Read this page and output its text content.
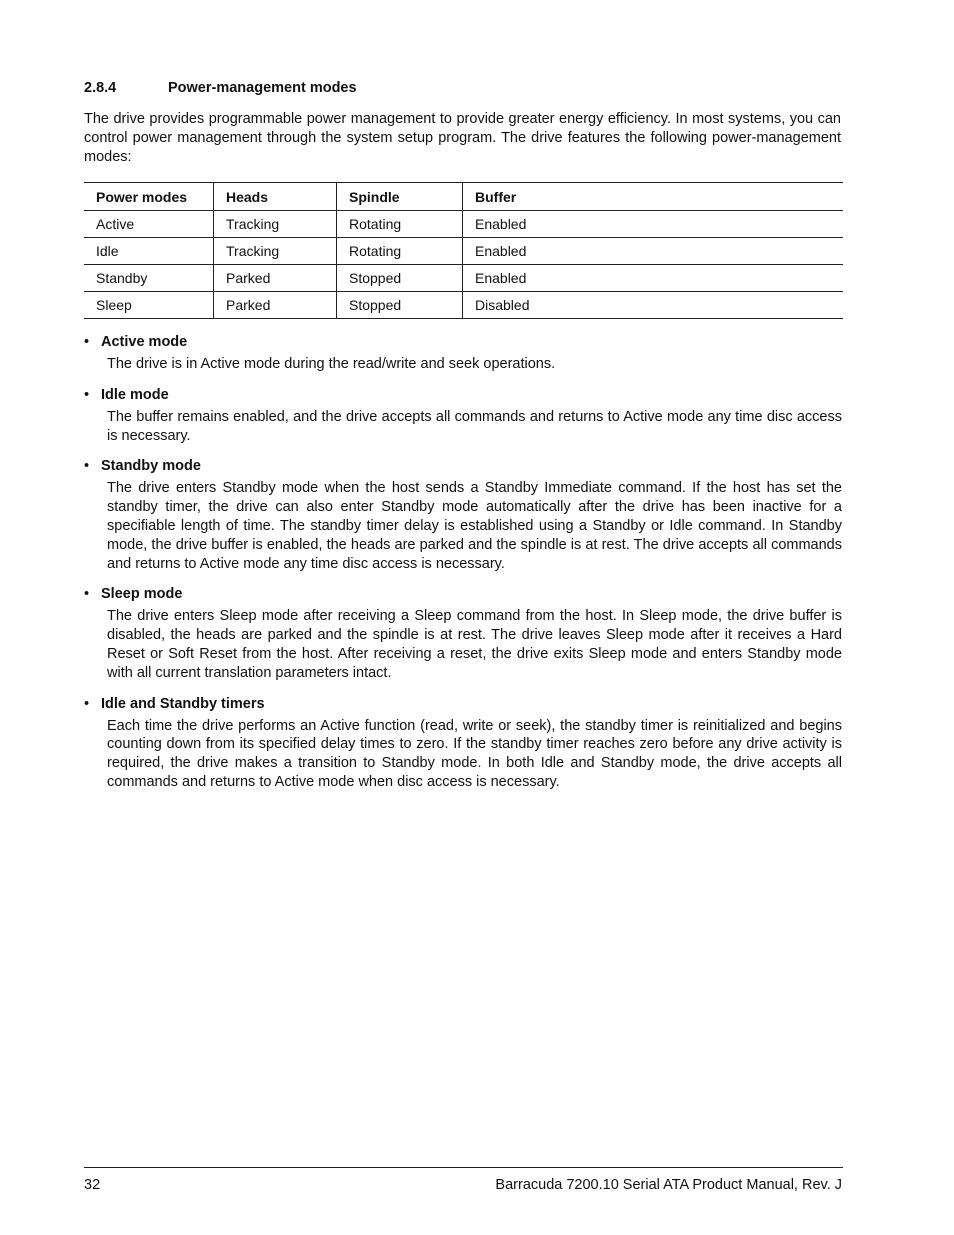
2.8.4	Power-management modes

The drive provides programmable power management to provide greater energy efficiency. In most systems, you can control power management through the system setup program. The drive features the following power-management modes:

Power modes	Heads	Spindle	Buffer
Active	Tracking	Rotating	Enabled
Idle	Tracking	Rotating	Enabled
Standby	Parked	Stopped	Enabled
Sleep	Parked	Stopped	Disabled
• Active mode
The drive is in Active mode during the read/write and seek operations.
• Idle mode
The buffer remains enabled, and the drive accepts all commands and returns to Active mode any time disc access is necessary.
• Standby mode
The drive enters Standby mode when the host sends a Standby Immediate command. If the host has set the standby timer, the drive can also enter Standby mode automatically after the drive has been inactive for a specifiable length of time. The standby timer delay is established using a Standby or Idle command. In Standby mode, the drive buffer is enabled, the heads are parked and the spindle is at rest. The drive accepts all commands and returns to Active mode any time disc access is necessary.
• Sleep mode
The drive enters Sleep mode after receiving a Sleep command from the host. In Sleep mode, the drive buffer is disabled, the heads are parked and the spindle is at rest. The drive leaves Sleep mode after it receives a Hard Reset or Soft Reset from the host. After receiving a reset, the drive exits Sleep mode and enters Standby mode with all current translation parameters intact.
• Idle and Standby timers
Each time the drive performs an Active function (read, write or seek), the standby timer is reinitialized and begins counting down from its specified delay times to zero. If the standby timer reaches zero before any drive activity is required, the drive makes a transition to Standby mode. In both Idle and Standby mode, the drive accepts all commands and returns to Active mode when disc access is necessary.
32	Barracuda 7200.10 Serial ATA Product Manual, Rev. J
